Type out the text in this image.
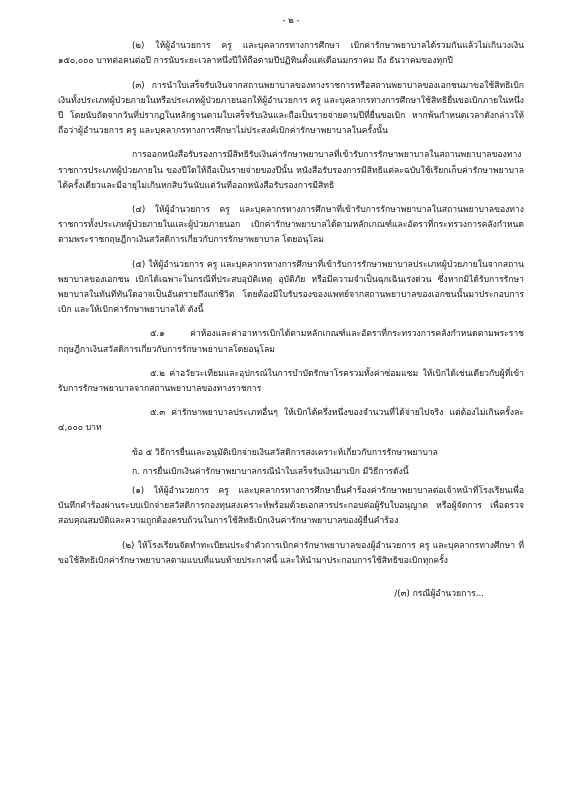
- ๒ -

(๒) ให้ผู้อำนวยการ ครู และบุคลากรทางการศึกษา เบิกค่ารักษาพยาบาลได้รวมกันแล้วไม่เกินวงเงิน ๑๕๐,๐๐๐ บาทต่อคนต่อปี การนับระยะเวลาหนึ่งปีให้ถือตามปีปฏิทินตั้งแต่เดือนมกราคม ถึง ธันวาคมของทุกปี

(๓) การนำใบเสร็จรับเงินจากสถานพยาบาลของทางราชการหรือสถานพยาบาลของเอกชนมาขอใช้สิทธิเบิกเงินทั้งประเภทผู้ป่วยภายในหรือประเภทผู้ป่วยภายนอกให้ผู้อำนวยการ ครู และบุคลากรทางการศึกษาใช้สิทธิยื่นขอเบิกภายในหนึ่งปี โดยนับถัดจากวันที่ปรากฏในหลักฐานตามใบเสร็จรับเงินและถือเป็นรายจ่ายตามปีที่ยื่นขอเบิก หากพ้นกำหนดเวลาดังกล่าวให้ถือว่าผู้อำนวยการ ครู และบุคลากรทางการศึกษาไม่ประสงค์เบิกค่ารักษาพยาบาลในครั้งนั้น

การออกหนังสือรับรองการมีสิทธิรับเงินค่ารักษาพยาบาลที่เข้ารับการรักษาพยาบาลในสถานพยาบาลของทางราชการประเภทผู้ป่วยภายใน ของปีใดให้ถือเป็นรายจ่ายของปีนั้น หนังสือรับรองการมีสิทธิแต่ละฉบับใช้เรียกเก็บค่ารักษาพยาบาลได้ครั้งเดียวและมีอายุไม่เกินหกสิบวันนับแต่วันที่ออกหนังสือรับรองการมีสิทธิ

(๔) ให้ผู้อำนวยการ ครู และบุคลากรทางการศึกษาที่เข้ารับการรักษาพยาบาลในสถานพยาบาลของทางราชการทั้งประเภทผู้ป่วยภายในและผู้ป่วยภายนอก เบิกค่ารักษาพยาบาลได้ตามหลักเกณฑ์และอัตราที่กระทรวงการคลังกำหนด ตามพระราชกฤษฎีกาเงินสวัสดิการเกี่ยวกับการรักษาพยาบาล โดยอนุโลม

(๕) ให้ผู้อำนวยการ ครู และบุคลากรทางการศึกษาที่เข้ารับการรักษาพยาบาลประเภทผู้ป่วยภายในจากสถานพยาบาลของเอกชน เบิกได้เฉพาะในกรณีที่ประสบอุบัติเหตุ อุบัติภัย หรือมีความจำเป็นฉุกเฉินเร่งด่วน ซึ่งหากมิได้รับการรักษาพยาบาลในทันทีทันใดอาจเป็นอันตรายถึงแก่ชีวิต โดยต้องมีใบรับรองของแพทย์จากสถานพยาบาลของเอกชนนั้นมาประกอบการเบิก และให้เบิกค่ารักษาพยาบาลได้ ดังนี้

๕.๑ ค่าห้องและค่าอาหารเบิกได้ตามหลักเกณฑ์และอัตราที่กระทรวงการคลังกำหนดตามพระราชกฤษฎีกาเงินสวัสดิการเกี่ยวกับการรักษาพยาบาลโดยอนุโลม

๕.๒ ค่าอวัยวะเทียมและอุปกรณ์ในการบำบัดรักษาโรครวมทั้งค่าซ่อมแซม ให้เบิกได้เช่นเดียวกับผู้ที่เข้ารับการรักษาพยาบาลจากสถานพยาบาลของทางราชการ

๕.๓ ค่ารักษาพยาบาลประเภทอื่นๆ ให้เบิกได้ครึ่งหนึ่งของจำนวนที่ได้จ่ายไปจริง แต่ต้องไม่เกินครั้งละ ๔,๐๐๐ บาท

ข้อ ๕ วิธีการยื่นและอนุมัติเบิกจ่ายเงินสวัสดิการสงเคราะห์เกี่ยวกับการรักษาพยาบาล

ก. การยื่นเบิกเงินค่ารักษาพยาบาลกรณีนำใบเสร็จรับเงินมาเบิก มีวิธีการดังนี้

(๑) ให้ผู้อำนวยการ ครู และบุคลากรทางการศึกษายื่นคำร้องค่ารักษาพยาบาลต่อเจ้าหน้าที่โรงเรียนเพื่อบันทึกคำร้องผ่านระบบเบิกจ่ายสวัสดิการกองทุนสงเคราะห์พร้อมด้วยเอกสารประกอบต่อผู้รับใบอนุญาต หรือผู้จัดการ เพื่อตรวจสอบคุณสมบัติและความถูกต้องครบถ้วนในการใช้สิทธิเบิกเงินค่ารักษาพยาบาลของผู้ยื่นคำร้อง

(๒) ให้โรงเรียนจัดทำทะเบียนประจำตัวการเบิกค่ารักษาพยาบาลของผู้อำนวยการ ครู และบุคลากรทางศึกษา ที่ขอใช้สิทธิเบิกค่ารักษาพยาบาลตามแบบที่แนบท้ายประกาศนี้ และให้นำมาประกอบการใช้สิทธิขอเบิกทุกครั้ง

/(๓) กรณีผู้อำนวยการ...
